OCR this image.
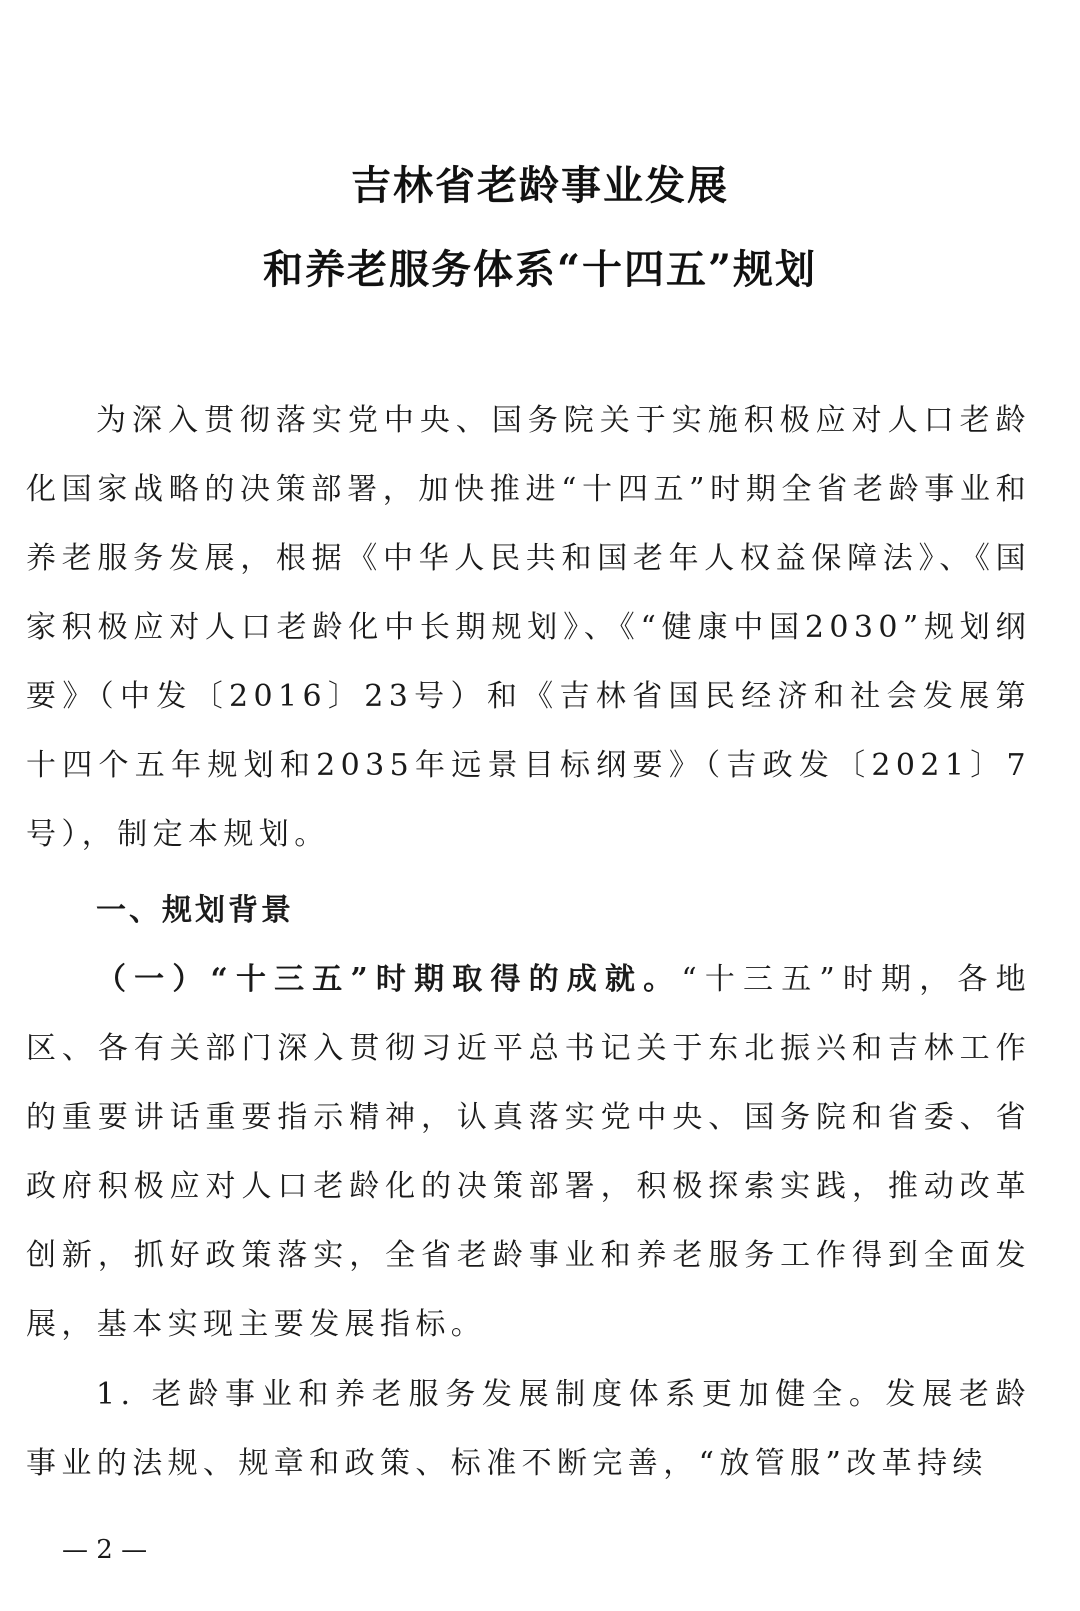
吉林省老龄事业发展
和养老服务体系“十四五”规划
为深入贯彻落实党中央、国务院关于实施积极应对人口老龄化国家战略的决策部署，加快推进“十四五”时期全省老龄事业和养老服务发展，根据《中华人民共和国老年人权益保障法》、《国家积极应对人口老龄化中长期规划》、《“健康中国2030”规划纲要》（中发〔2016〕23号）和《吉林省国民经济和社会发展第十四个五年规划和2035年远景目标纲要》（吉政发〔2021〕7号），制定本规划。
一、规划背景
（一）“十三五”时期取得的成就。“十三五”时期，各地区、各有关部门深入贯彻习近平总书记关于东北振兴和吉林工作的重要讲话重要指示精神，认真落实党中央、国务院和省委、省政府积极应对人口老龄化的决策部署，积极探索实践，推动改革创新，抓好政策落实，全省老龄事业和养老服务工作得到全面发展，基本实现主要发展指标。
1. 老龄事业和养老服务发展制度体系更加健全。发展老龄事业的法规、规章和政策、标准不断完善，“放管服”改革持续
— 2 —
